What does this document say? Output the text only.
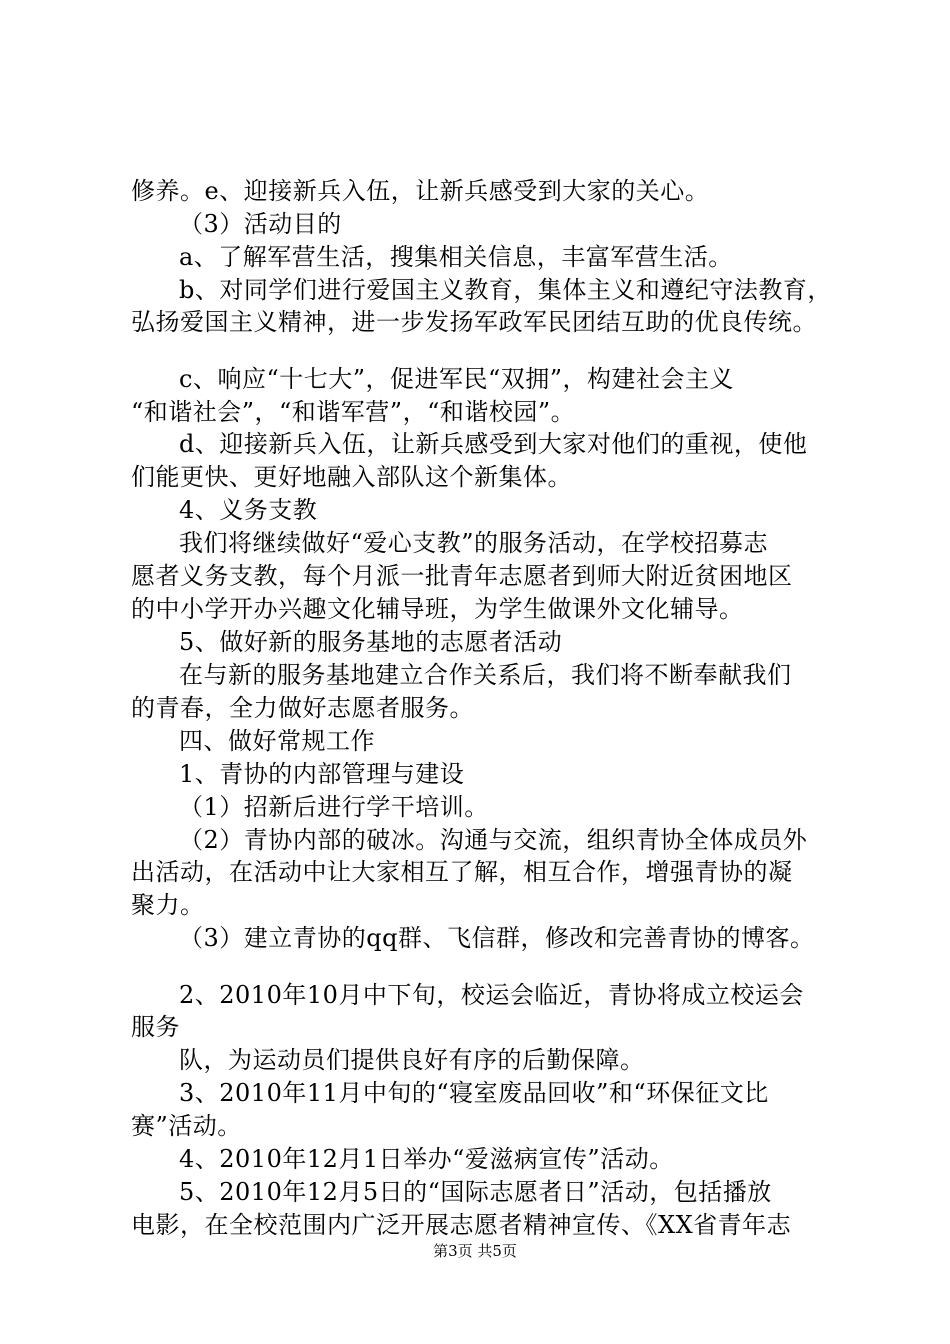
修养。e、迎接新兵入伍，让新兵感受到大家的关心。
（3）活动目的
a、了解军营生活，搜集相关信息，丰富军营生活。
b、对同学们进行爱国主义教育，集体主义和遵纪守法教育，
弘扬爱国主义精神，进一步发扬军政军民团结互助的优良传统。
c、响应“十七大”，促进军民“双拥”，构建社会主义
“和谐社会”，“和谐军营”，“和谐校园”。
d、迎接新兵入伍，让新兵感受到大家对他们的重视，使他
们能更快、更好地融入部队这个新集体。
4、义务支教
我们将继续做好“爱心支教”的服务活动，在学校招募志
愿者义务支教，每个月派一批青年志愿者到师大附近贫困地区
的中小学开办兴趣文化辅导班，为学生做课外文化辅导。
5、做好新的服务基地的志愿者活动
在与新的服务基地建立合作关系后，我们将不断奉献我们
的青春，全力做好志愿者服务。
四、做好常规工作
1、青协的内部管理与建设
（1）招新后进行学干培训。
（2）青协内部的破冰。沟通与交流，组织青协全体成员外
出活动，在活动中让大家相互了解，相互合作，增强青协的凝
聚力。
（3）建立青协的qq群、飞信群，修改和完善青协的博客。
2、2010年10月中下旬，校运会临近，青协将成立校运会
服务
队，为运动员们提供良好有序的后勤保障。
3、2010年11月中旬的“寝室废品回收”和“环保征文比
赛”活动。
4、2010年12月1日举办“爱滋病宣传”活动。
5、2010年12月5日的“国际志愿者日”活动，包括播放
电影，在全校范围内广泛开展志愿者精神宣传、《XX省青年志
第3页 共5页
